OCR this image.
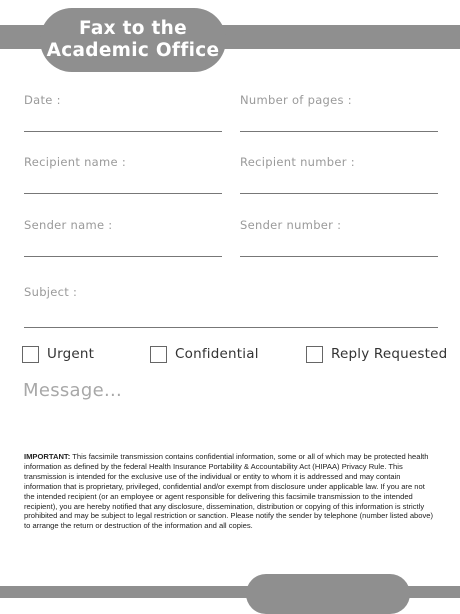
Fax to the
Academic Office
Date :	Number of pages :
Recipient name :	Recipient number :
Sender name :	Sender number :
Subject :
Urgent	Confidential	Reply Requested
Message...
IMPORTANT: This facsimile transmission contains confidential information, some or all of which may be protected health information as defined by the federal Health Insurance Portability & Accountability Act (HIPAA) Privacy Rule. This transmission is intended for the exclusive use of the individual or entity to whom it is addressed and may contain information that is proprietary, privileged, confidential and/or exempt from disclosure under applicable law. If you are not the intended recipient (or an employee or agent responsible for delivering this facsimile transmission to the intended recipient), you are hereby notified that any disclosure, dissemination, distribution or copying of this information is strictly prohibited and may be subject to legal restriction or sanction. Please notify the sender by telephone (number listed above) to arrange the return or destruction of the information and all copies.
